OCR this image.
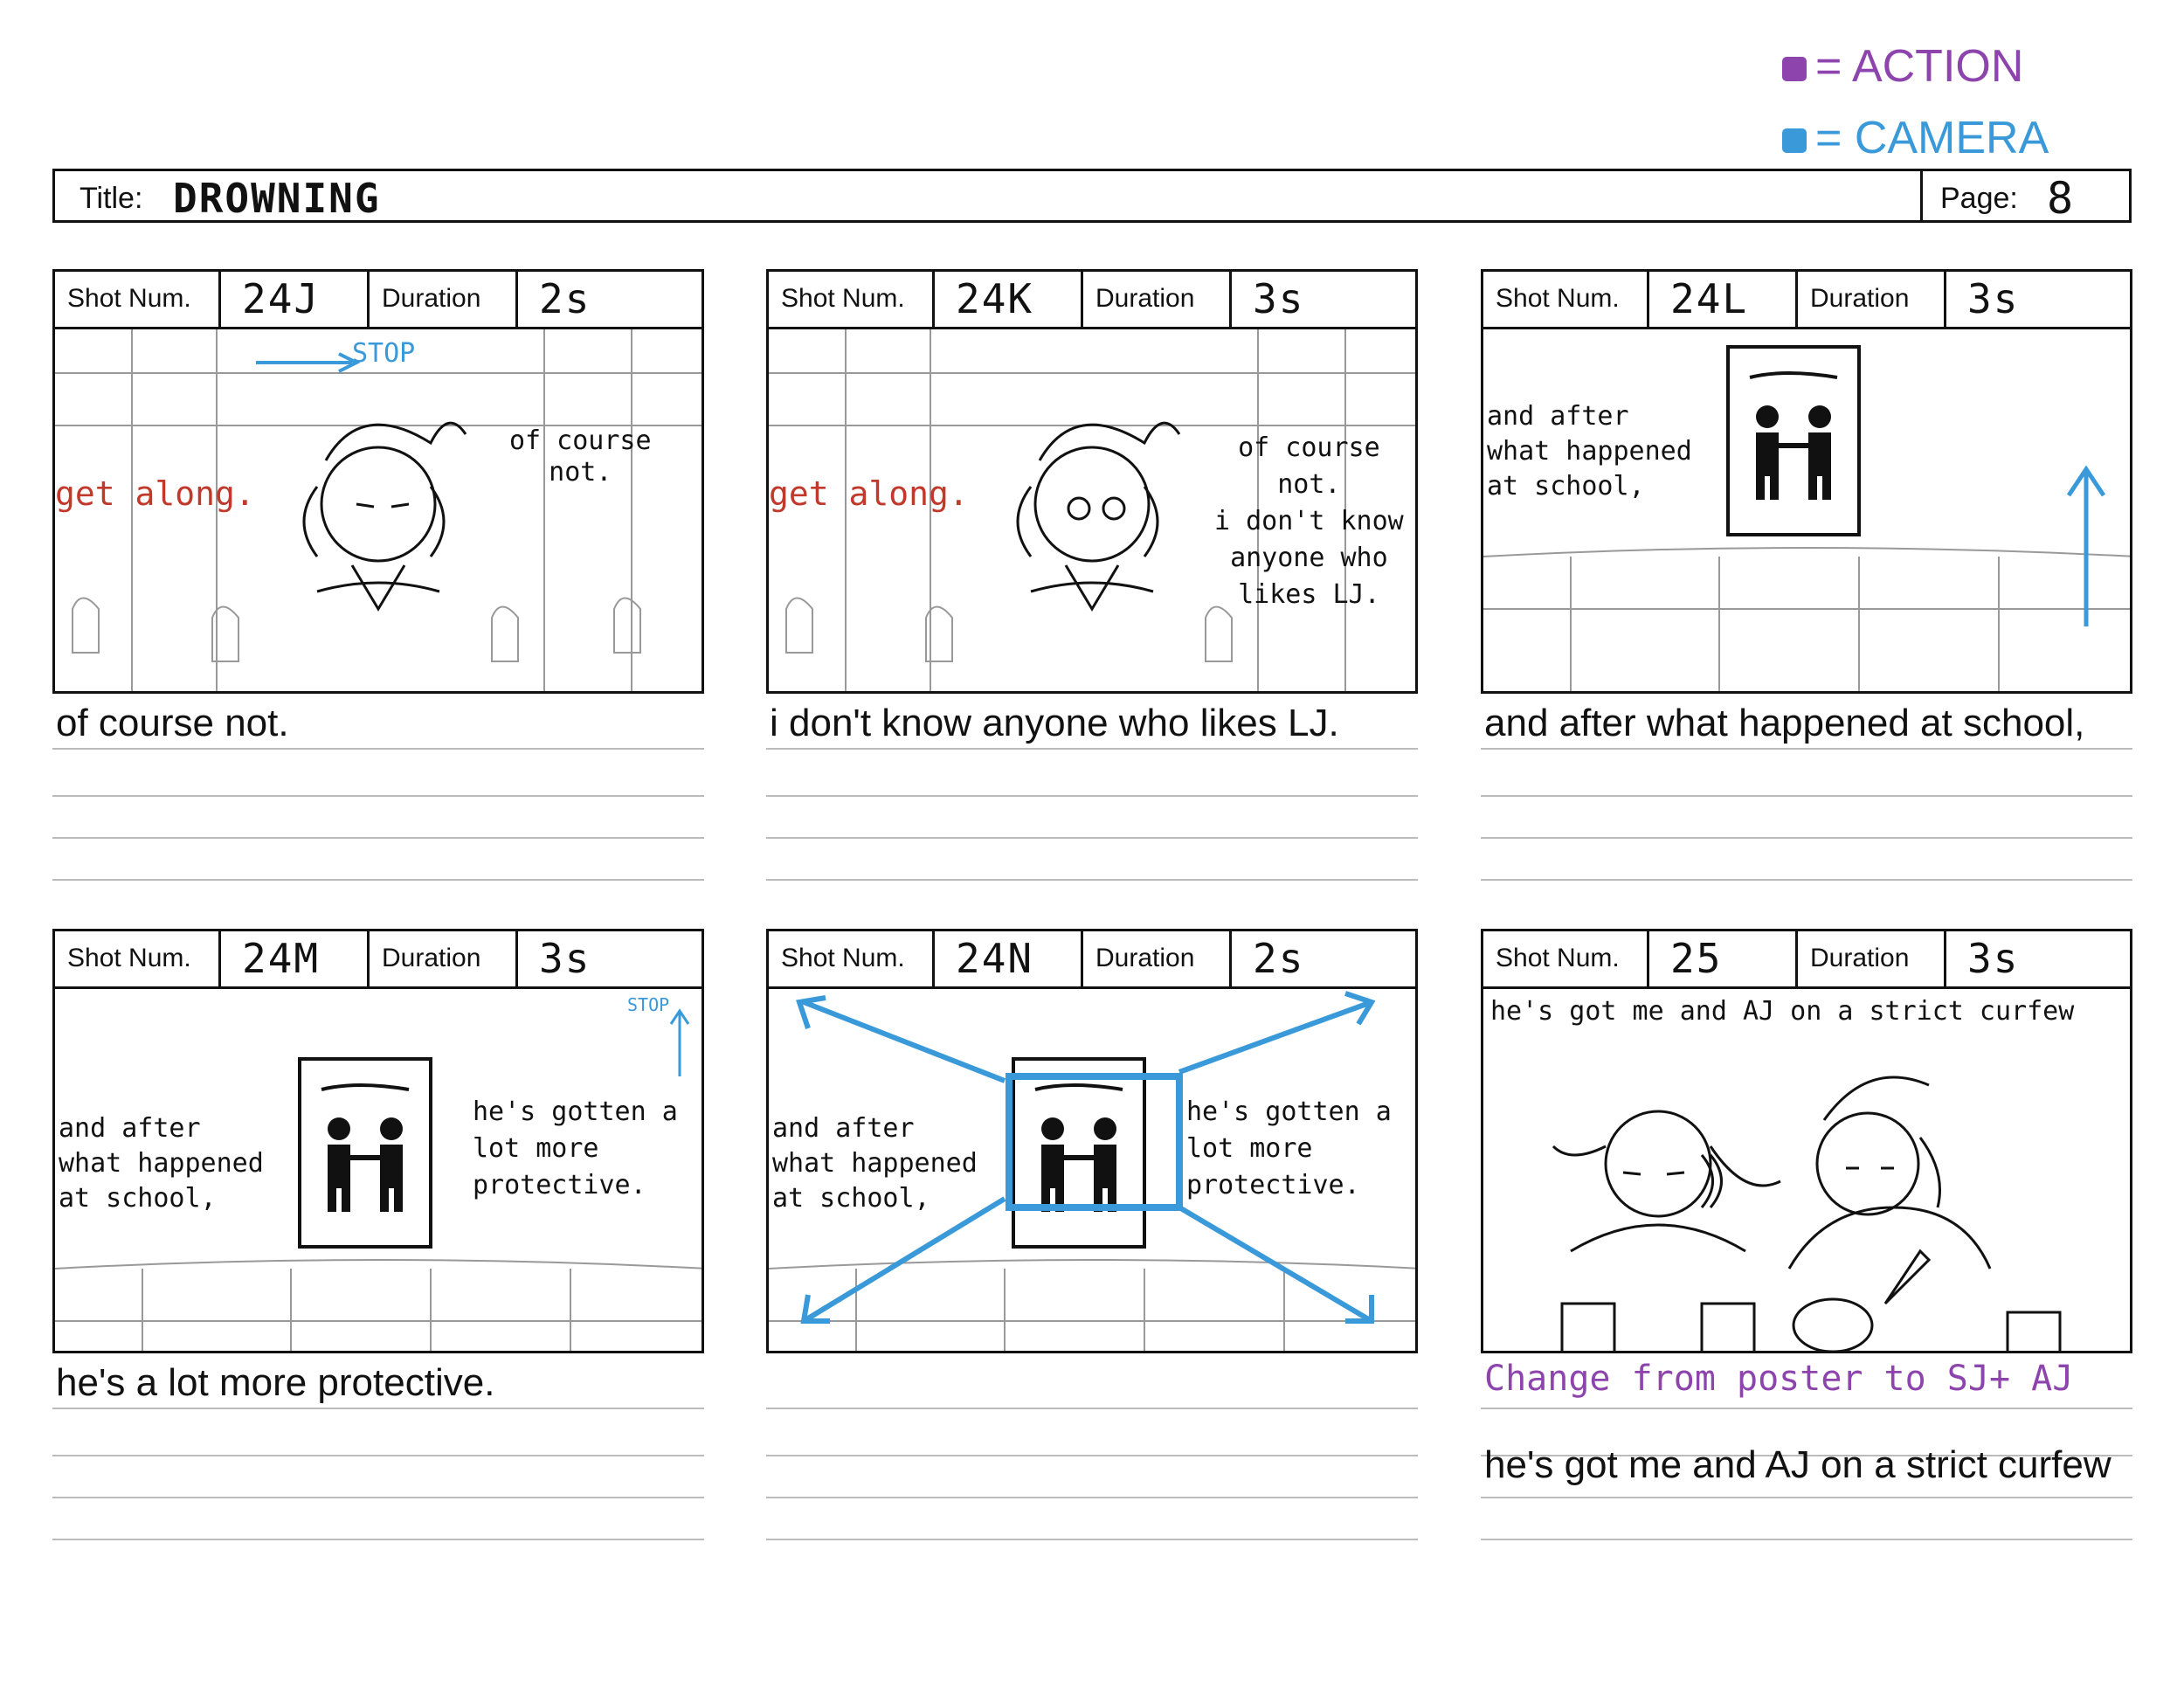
= ACTION
= CAMERA
Title: DROWNING	Page: 8
Shot Num.	24J	Duration	2s
STOP
get along.
of course
not.
of course not.
Shot Num.	24K	Duration	3s
get along.
of course
not.
i don't know
anyone who
likes LJ.
i don't know anyone who likes LJ.
Shot Num.	24L	Duration	3s
and after
what happened
at school,
and after what happened at school,
Shot Num.	24M	Duration	3s
STOP
and after
what happened
at school,
he's gotten a
lot more
protective.
he's a lot more protective.
Shot Num.	24N	Duration	2s
and after
what happened
at school,
he's gotten a
lot more
protective.
Shot Num.	25	Duration	3s
he's got me and AJ on a strict curfew
Change from poster to SJ+ AJ
he's got me and AJ on a strict curfew
